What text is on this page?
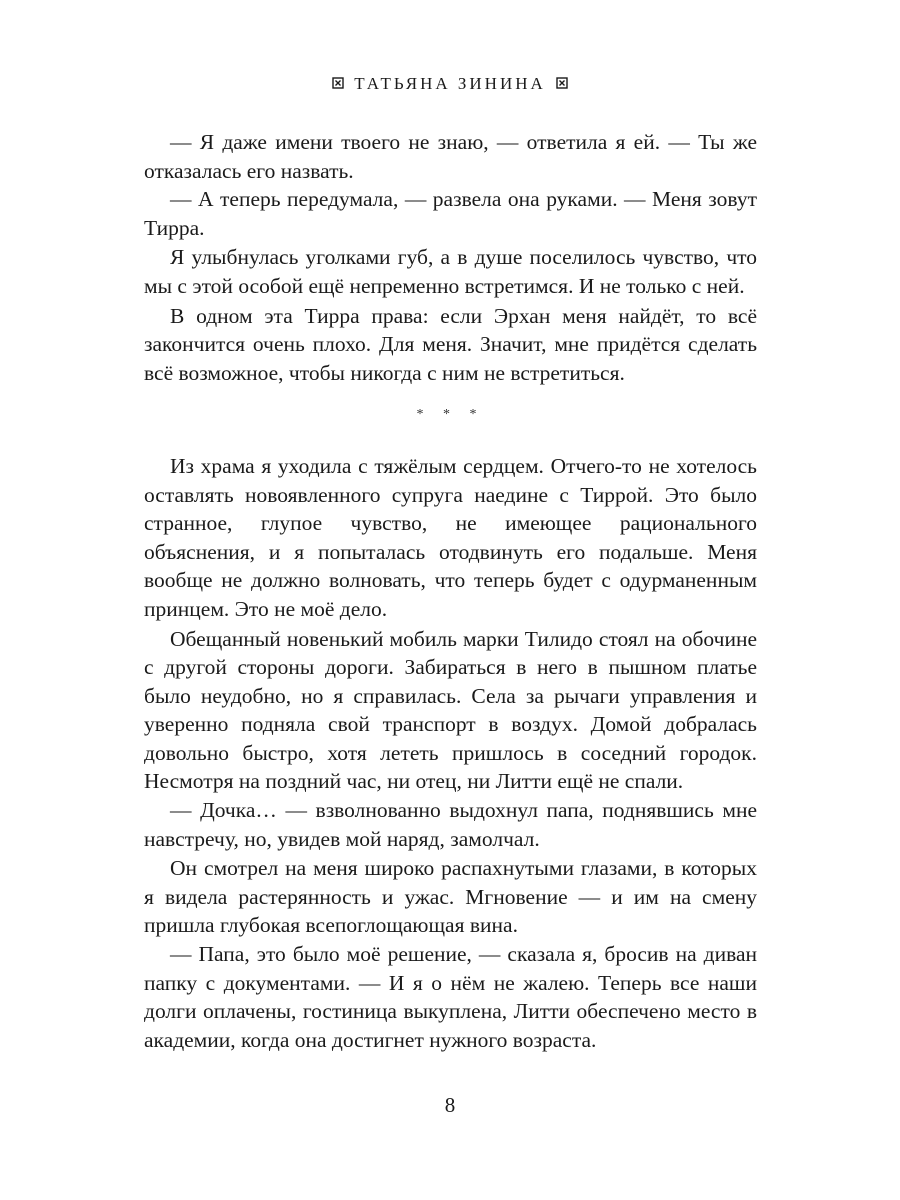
ТАТЬЯНА ЗИНИНА

— Я даже имени твоего не знаю, — ответила я ей. — Ты же отказалась его назвать.

— А теперь передумала, — развела она руками. — Меня зовут Тирра.

Я улыбнулась уголками губ, а в душе поселилось чувство, что мы с этой особой ещё непременно встретимся. И не только с ней.

В одном эта Тирра права: если Эрхан меня найдёт, то всё закончится очень плохо. Для меня. Значит, мне придётся сделать всё возможное, чтобы никогда с ним не встретиться.

* * *

Из храма я уходила с тяжёлым сердцем. Отчего-то не хотелось оставлять новоявленного супруга наедине с Тиррой. Это было странное, глупое чувство, не имеющее рационального объяснения, и я попыталась отодвинуть его подальше. Меня вообще не должно волновать, что теперь будет с одурманенным принцем. Это не моё дело.

Обещанный новенький мобиль марки Тилидо стоял на обочине с другой стороны дороги. Забираться в него в пышном платье было неудобно, но я справилась. Села за рычаги управления и уверенно подняла свой транспорт в воздух. Домой добралась довольно быстро, хотя лететь пришлось в соседний городок. Несмотря на поздний час, ни отец, ни Литти ещё не спали.

— Дочка… — взволнованно выдохнул папа, поднявшись мне навстречу, но, увидев мой наряд, замолчал.

Он смотрел на меня широко распахнутыми глазами, в которых я видела растерянность и ужас. Мгновение — и им на смену пришла глубокая всепоглощающая вина.

— Папа, это было моё решение, — сказала я, бросив на диван папку с документами. — И я о нём не жалею. Теперь все наши долги оплачены, гостиница выкуплена, Литти обеспечено место в академии, когда она достигнет нужного возраста.

8
